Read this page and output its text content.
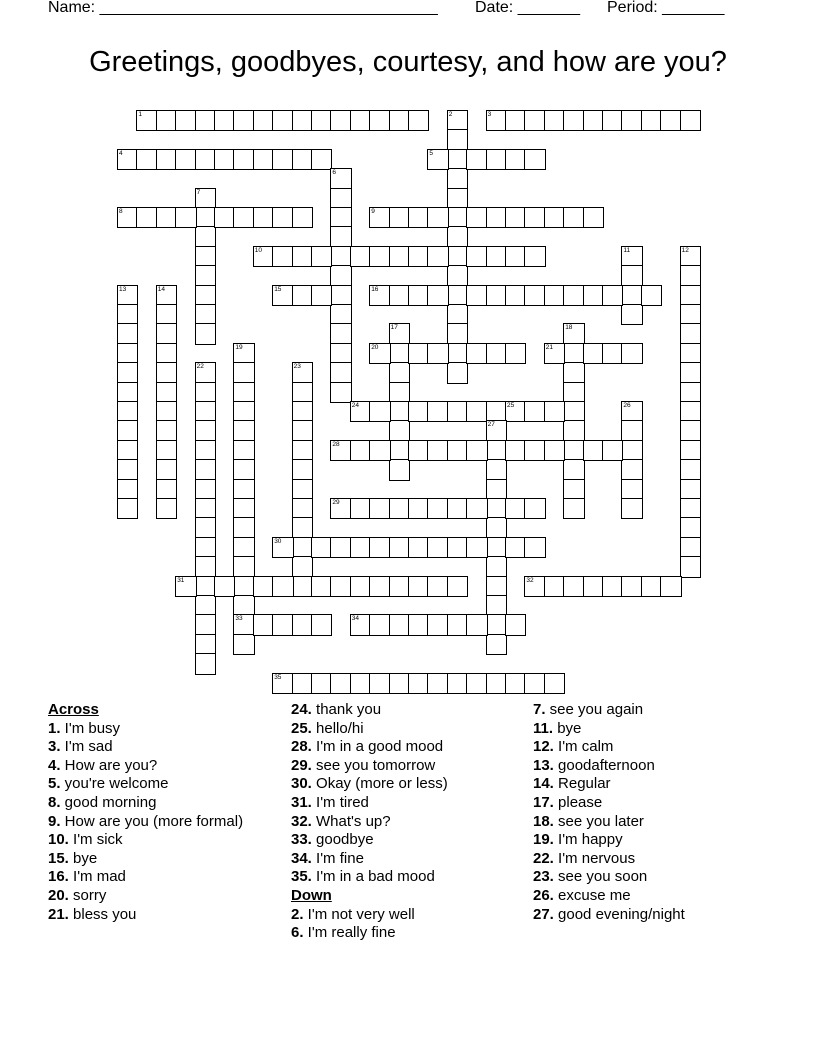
Name: ______________________________________ Date: _______ Period: _______
Greetings, goodbyes, courtesy, and how are you?
1	2	3
4	5
6
7
8	9
10	11	12
13	14	15	16
17	18
19
33
20	21
22	23
24	25	26
27
28
29
30
31	32
34
35
Across
1. I'm busy
3. I'm sad
4. How are you?
5. you're welcome
8. good morning
9. How are you (more formal)
10. I'm sick
15. bye
16. I'm mad
20. sorry
21. bless you
24. thank you
25. hello/hi
28. I'm in a good mood
29. see you tomorrow
30. Okay (more or less)
31. I'm tired
32. What's up?
33. goodbye
34. I'm fine
35. I'm in a bad mood
Down
2. I'm not very well
6. I'm really fine
7. see you again
11. bye
12. I'm calm
13. goodafternoon
14. Regular
17. please
18. see you later
19. I'm happy
22. I'm nervous
23. see you soon
26. excuse me
27. good evening/night
